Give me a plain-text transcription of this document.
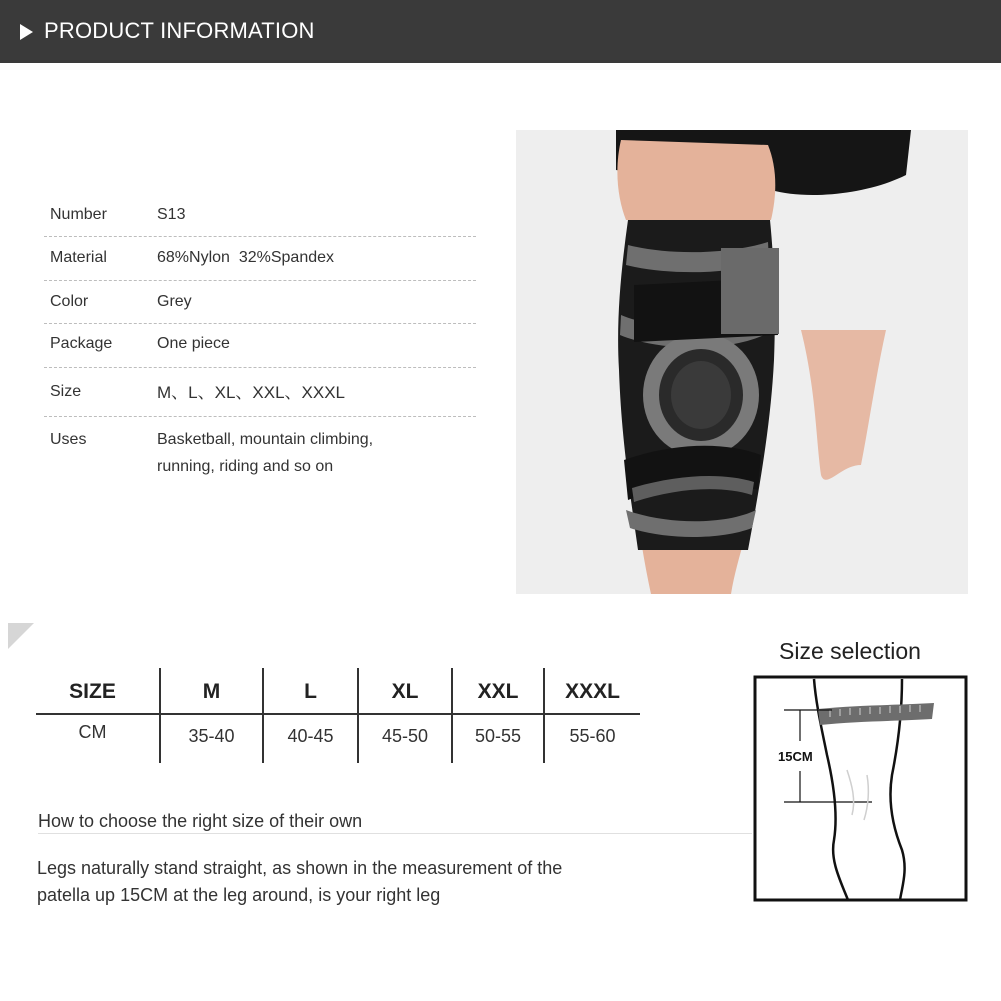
PRODUCT INFORMATION
Number	S13
Material	68%Nylon  32%Spandex
Color	Grey
Package	One piece
Size	M、L、XL、XXL、XXXL
Uses	Basketball, mountain climbing,
running, riding and so on
SIZE	M	L	XL	XXL	XXXL
CM	35-40	40-45	45-50	50-55	55-60
How to choose the right size of their own
Legs naturally stand straight, as shown in the measurement of the
patella up 15CM at the leg around, is your right leg
Size selection
15CM
